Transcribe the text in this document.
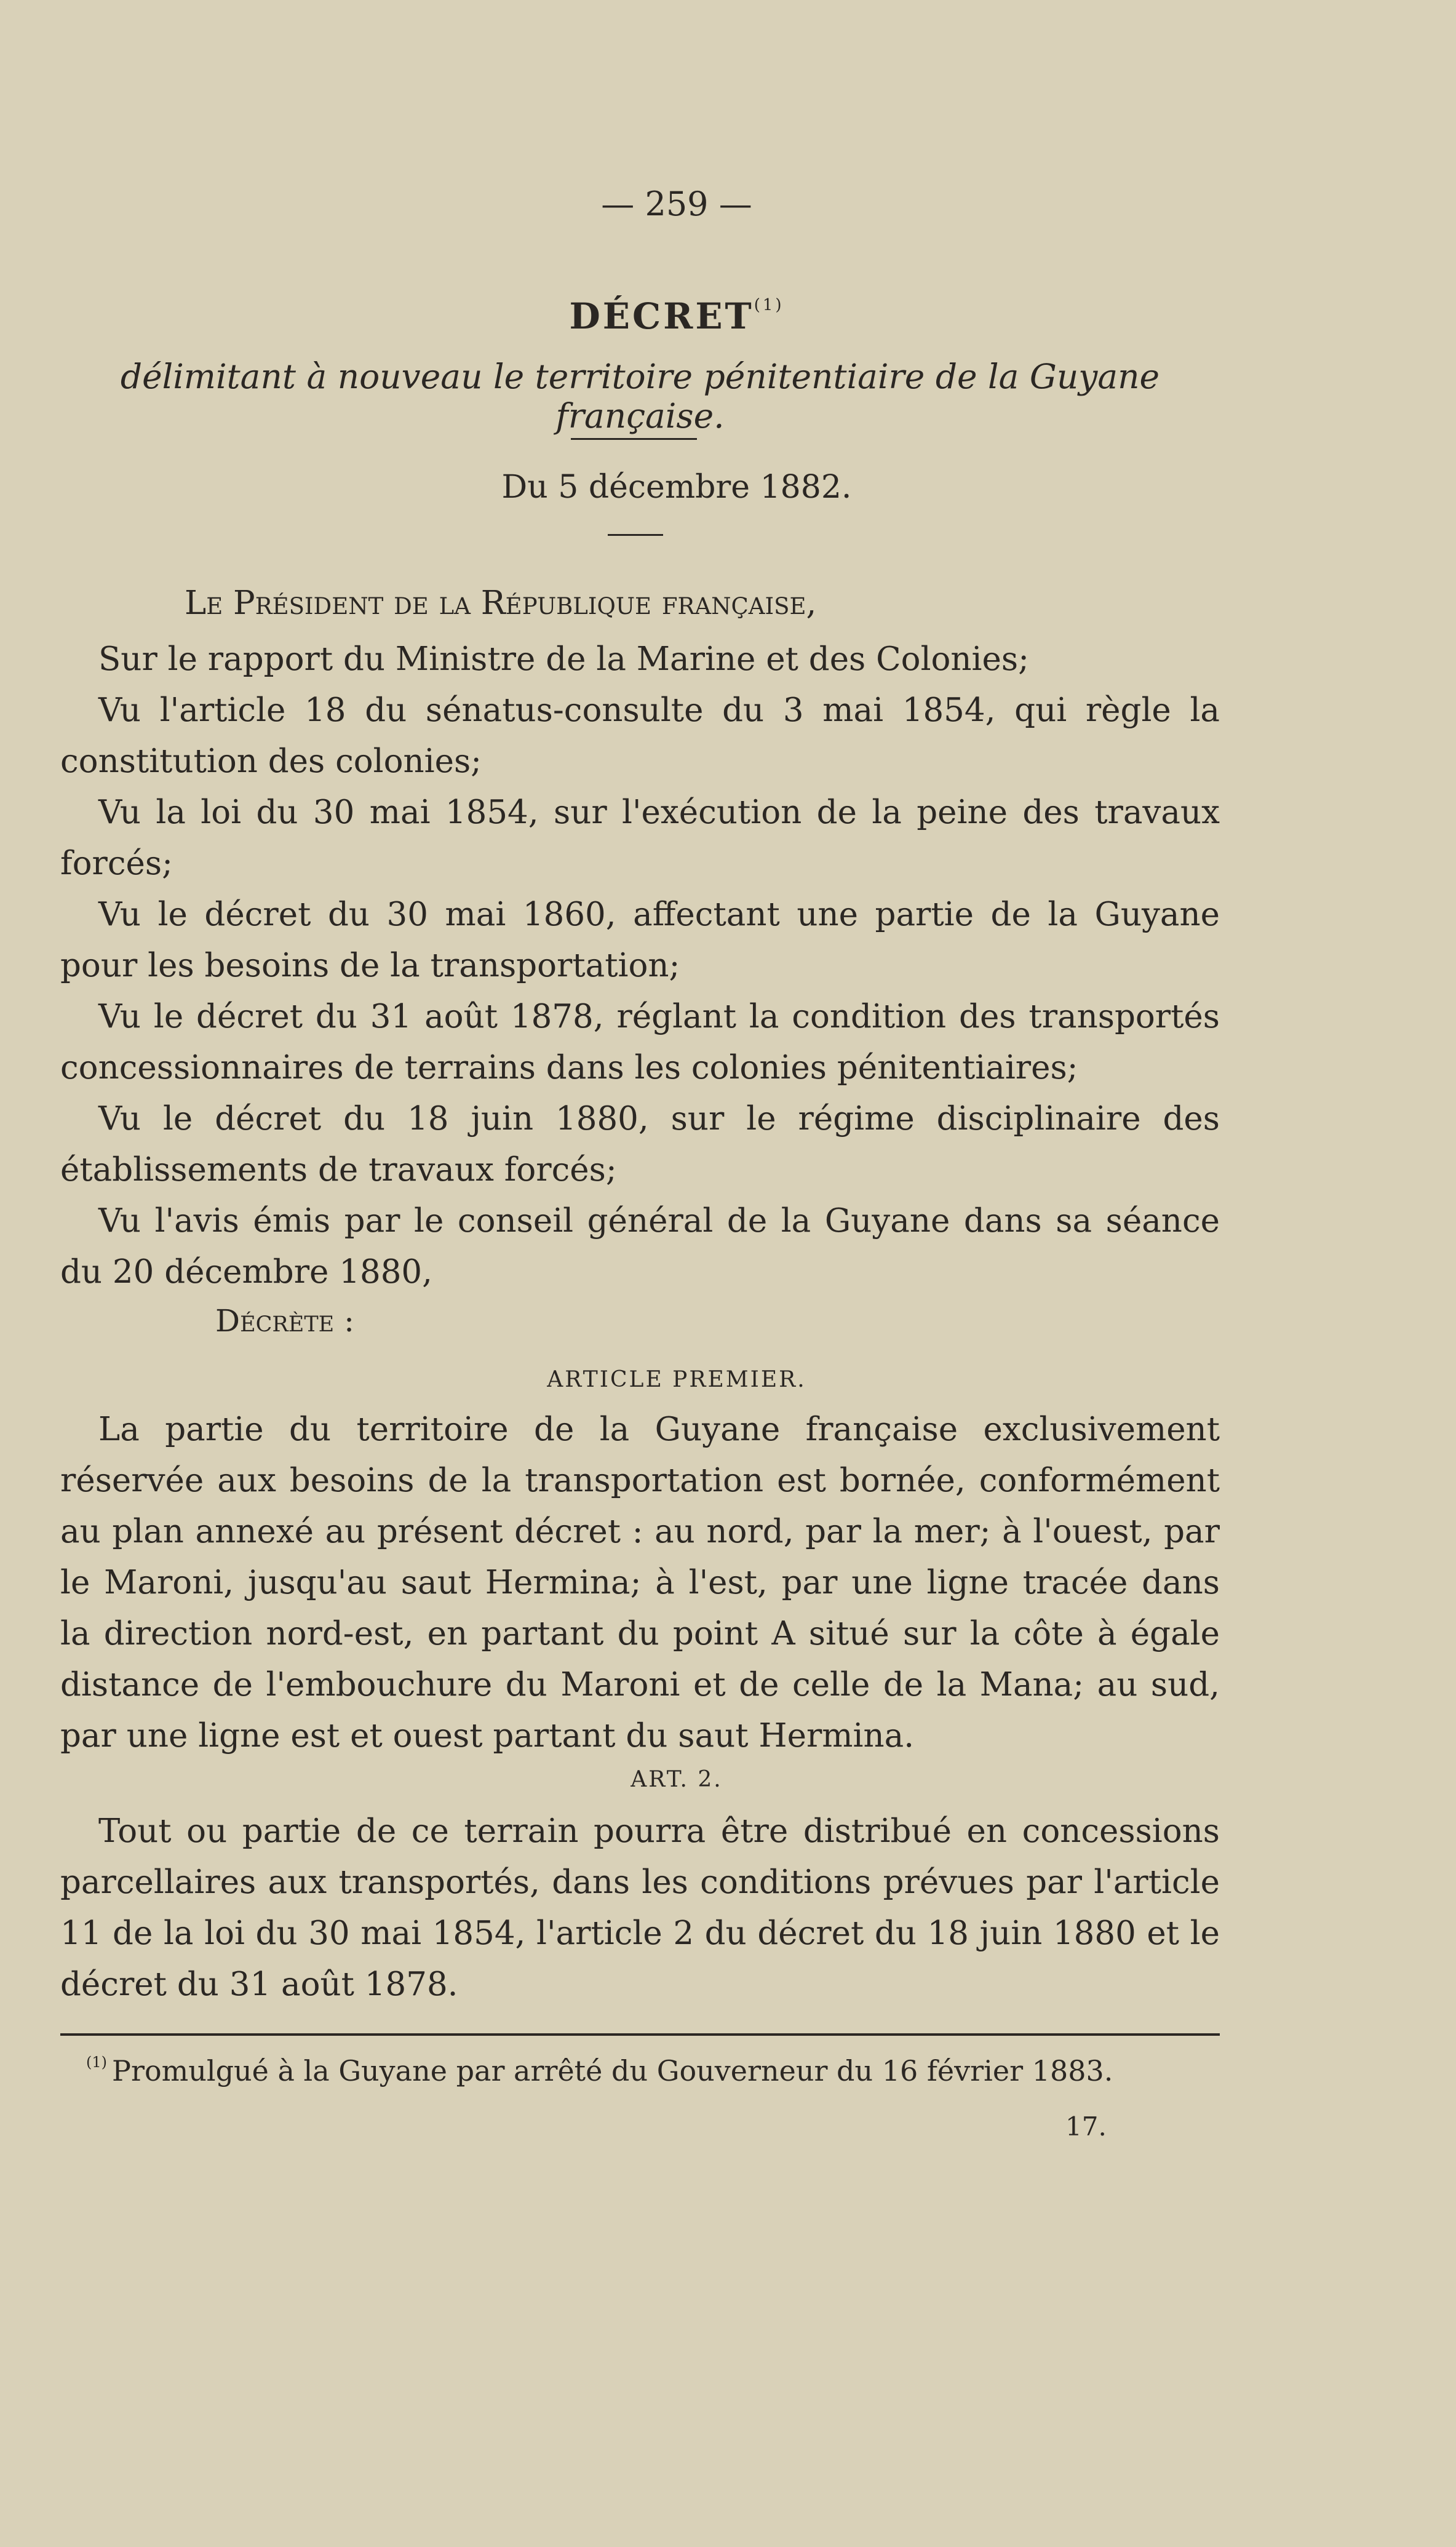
— 259 —
DÉCRET$^{(1)}$
délimitant à nouveau le territoire pénitentiaire de la Guyane française.
Du 5 décembre 1882.
Le Président de la République française,

Sur le rapport du Ministre de la Marine et des Colonies;

Vu l'article 18 du sénatus-consulte du 3 mai 1854, qui règle la constitution des colonies;

Vu la loi du 30 mai 1854, sur l'exécution de la peine des travaux forcés;

Vu le décret du 30 mai 1860, affectant une partie de la Guyane pour les besoins de la transportation;

Vu le décret du 31 août 1878, réglant la condition des transportés concessionnaires de terrains dans les colonies pénitentiaires;

Vu le décret du 18 juin 1880, sur le régime disciplinaire des établissements de travaux forcés;

Vu l'avis émis par le conseil général de la Guyane dans sa séance du 20 décembre 1880,

Décrète :
ARTICLE PREMIER.

La partie du territoire de la Guyane française exclusivement réservée aux besoins de la transportation est bornée, conformément au plan annexé au présent décret : au nord, par la mer; à l'ouest, par le Maroni, jusqu'au saut Hermina; à l'est, par une ligne tracée dans la direction nord-est, en partant du point A situé sur la côte à égale distance de l'embouchure du Maroni et de celle de la Mana; au sud, par une ligne est et ouest partant du saut Hermina.

ART. 2.

Tout ou partie de ce terrain pourra être distribué en concessions parcellaires aux transportés, dans les conditions prévues par l'article 11 de la loi du 30 mai 1854, l'article 2 du décret du 18 juin 1880 et le décret du 31 août 1878.

$^{(1)}$ Promulgué à la Guyane par arrêté du Gouverneur du 16 février 1883.
17.
